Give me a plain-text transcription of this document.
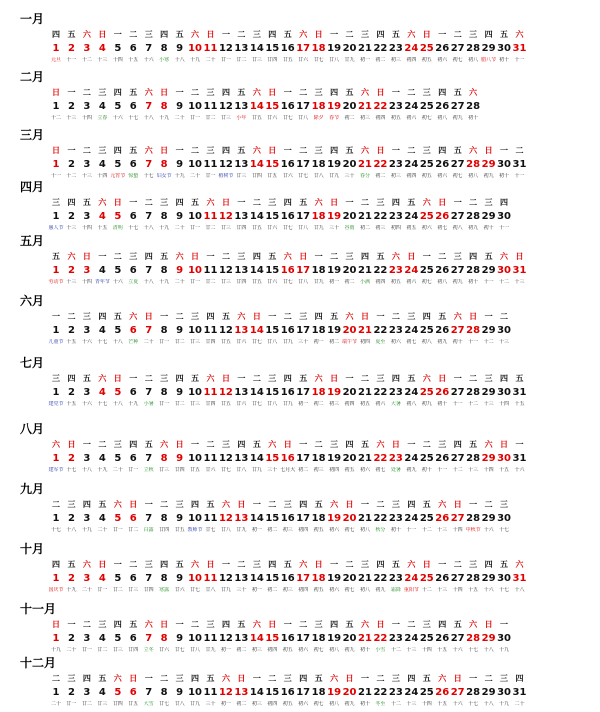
一月
四
1
元旦
五
2
十一
六
3
十二
日
4
十三
一
5
十四
二
6
十五
三
7
十六
四
8
小寒
五
9
十八
六
10
十九
日
11
二十
一
12
廿一
二
13
廿二
三
14
廿三
四
15
廿四
五
16
廿五
六
17
廿六
日
18
廿七
一
19
廿八
二
20
廿九
三
21
初一
四
22
初二
五
23
初三
六
24
初四
日
25
初五
一
26
初六
二
27
初七
三
28
初八
四
29
腊八节
五
30
初十
六
31
十一
二月
日
1
十二
一
2
十三
二
3
十四
三
4
立春
四
5
十六
五
6
十七
六
7
十八
日
8
十九
一
9
二十
二
10
廿一
三
11
廿二
四
12
廿三
五
13
小年
六
14
廿五
日
15
廿六
一
16
廿七
二
17
廿八
三
18
除夕
四
19
春节
五
20
初二
六
21
初三
日
22
初四
一
23
初五
二
24
初六
三
25
初七
四
26
初八
五
27
初九
六
28
初十
三月
日
1
十一
一
2
十二
二
3
十三
三
4
十四
四
5
元宵节
五
6
惊蛰
六
7
十七
日
8
妇女节
一
9
十九
二
10
二十
三
11
廿一
四
12
植树节
五
13
廿三
六
14
廿四
日
15
廿五
一
16
廿六
二
17
廿七
三
18
廿八
四
19
廿九
五
20
三十
六
21
春分
日
22
初二
一
23
初三
二
24
初四
三
25
初五
四
26
初六
五
27
初七
六
28
初八
日
29
初九
一
30
初十
二
31
十一
四月
三
1
愚人节
四
2
十三
五
3
十四
六
4
十五
日
5
清明
一
6
十七
二
7
十八
三
8
十九
四
9
二十
五
10
廿一
六
11
廿二
日
12
廿三
一
13
廿四
二
14
廿五
三
15
廿六
四
16
廿七
五
17
廿八
六
18
廿九
日
19
三十
一
20
谷雨
二
21
初二
三
22
初三
四
23
初四
五
24
初五
六
25
初六
日
26
初七
一
27
初八
二
28
初九
三
29
初十
四
30
十一
五月
五
1
劳动节
六
2
十三
日
3
十四
一
4
青年节
二
5
十六
三
6
立夏
四
7
十八
五
8
十九
六
9
二十
日
10
廿一
一
11
廿二
二
12
廿三
三
13
廿四
四
14
廿五
五
15
廿六
六
16
廿七
日
17
廿八
一
18
廿九
二
19
初一
三
20
初二
四
21
小满
五
22
初四
六
23
初五
日
24
初六
一
25
初七
二
26
初八
三
27
初九
四
28
初十
五
29
十一
六
30
十二
日
31
十三
六月
一
1
儿童节
二
2
十五
三
3
十六
四
4
十七
五
5
十八
六
6
芒种
日
7
二十
一
8
廿一
二
9
廿二
三
10
廿三
四
11
廿四
五
12
廿五
六
13
廿六
日
14
廿七
一
15
廿八
二
16
廿九
三
17
三十
四
18
初一
五
19
初二
六
20
端午节
日
21
初四
一
22
夏至
二
23
初六
三
24
初七
四
25
初八
五
26
初九
六
27
初十
日
28
十一
一
29
十二
二
30
十三
七月
三
1
建党节
四
2
十五
五
3
十六
六
4
十七
日
5
十八
一
6
十九
二
7
小暑
三
8
廿一
四
9
廿二
五
10
廿三
六
11
廿四
日
12
廿五
一
13
廿六
二
14
廿七
三
15
廿八
四
16
廿九
五
17
初一
六
18
初二
日
19
初三
一
20
初四
二
21
初五
三
22
初六
四
23
大暑
五
24
初八
六
25
初九
日
26
初十
一
27
十一
二
28
十二
三
29
十三
四
30
十四
五
31
十五
八月
六
1
建军节
日
2
十七
一
3
十八
二
4
十九
三
5
二十
四
6
廿一
五
7
立秋
六
8
廿三
日
9
廿四
一
10
廿五
二
11
廿六
三
12
廿七
四
13
廿八
五
14
廿九
六
15
三十
日
16
七月大
一
17
初二
二
18
初三
三
19
初四
四
20
初五
五
21
初六
六
22
初七
日
23
处暑
一
24
初九
二
25
初十
三
26
十一
四
27
十二
五
28
十三
六
29
十四
日
30
十五
一
31
十六
九月
二
1
十七
三
2
十八
四
3
十九
五
4
二十
六
5
廿一
日
6
廿二
一
7
白露
二
8
廿四
三
9
廿五
四
10
教师节
五
11
廿七
六
12
廿八
日
13
廿九
一
14
初一
二
15
初二
三
16
初三
四
17
初四
五
18
初五
六
19
初六
日
20
初七
一
21
初八
二
22
秋分
三
23
初十
四
24
十一
五
25
十二
六
26
十三
日
27
十四
一
28
中秋节
二
29
十六
三
30
十七
十月
四
1
国庆节
五
2
十九
六
3
二十
日
4
廿一
一
5
廿二
二
6
廿三
三
7
廿四
四
8
寒露
五
9
廿六
六
10
廿七
日
11
廿八
一
12
廿九
二
13
三十
三
14
初一
四
15
初二
五
16
初三
六
17
初四
日
18
初五
一
19
初六
二
20
初七
三
21
初八
四
22
初九
五
23
霜降
六
24
重阳节
日
25
十二
一
26
十三
二
27
十四
三
28
十五
四
29
十六
五
30
十七
六
31
十八
十一月
日
1
十九
一
2
二十
二
3
廿一
三
4
廿二
四
5
廿三
五
6
廿四
六
7
立冬
日
8
廿六
一
9
廿七
二
10
廿八
三
11
廿九
四
12
初一
五
13
初二
六
14
初三
日
15
初四
一
16
初五
二
17
初六
三
18
初七
四
19
初八
五
20
初九
六
21
初十
日
22
小雪
一
23
十二
二
24
十三
三
25
十四
四
26
十五
五
27
十六
六
28
十七
日
29
十八
一
30
十九
十二月
二
1
二十
三
2
廿一
四
3
廿二
五
4
廿三
六
5
廿四
日
6
廿五
一
7
大雪
二
8
廿七
三
9
廿八
四
10
廿九
五
11
三十
六
12
初一
日
13
初二
一
14
初三
二
15
初四
三
16
初五
四
17
初六
五
18
初七
六
19
初八
日
20
初九
一
21
初十
二
22
冬至
三
23
十二
四
24
十三
五
25
十四
六
26
十五
日
27
十六
一
28
十七
二
29
十八
三
30
十九
四
31
二十
